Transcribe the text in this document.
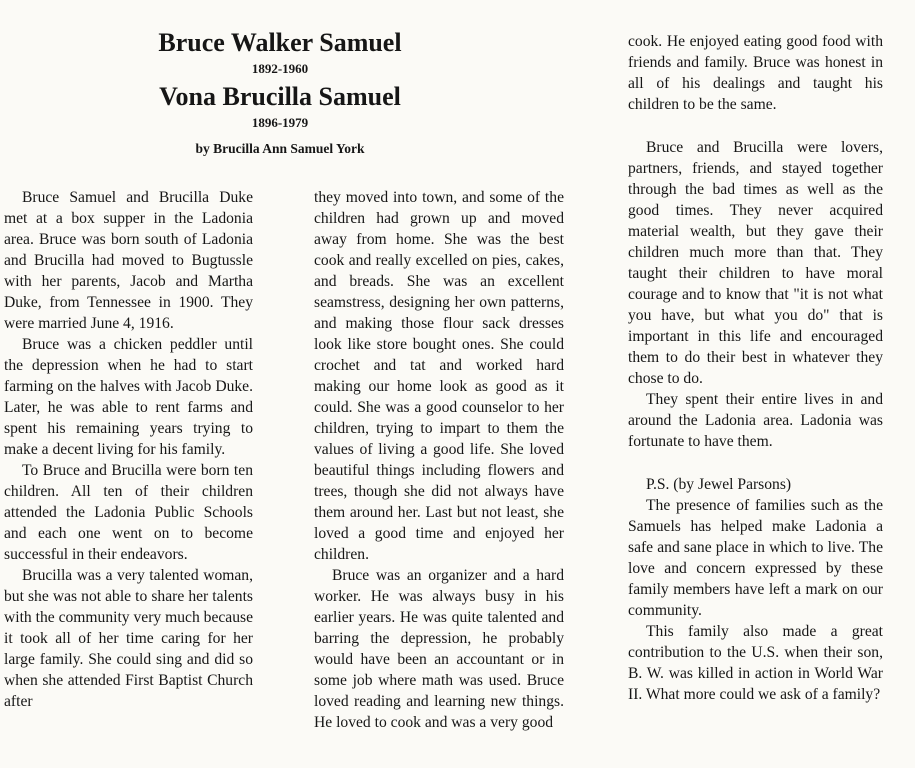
Bruce Walker Samuel
1892-1960
Vona Brucilla Samuel
1896-1979
by Brucilla Ann Samuel York

Bruce Samuel and Brucilla Duke met at a box supper in the Ladonia area. Bruce was born south of Ladonia and Brucilla had moved to Bugtussle with her parents, Jacob and Martha Duke, from Tennessee in 1900. They were married June 4, 1916.

Bruce was a chicken peddler until the depression when he had to start farming on the halves with Jacob Duke. Later, he was able to rent farms and spent his remaining years trying to make a decent living for his family.

To Bruce and Brucilla were born ten children. All ten of their children attended the Ladonia Public Schools and each one went on to become successful in their endeavors.

Brucilla was a very talented woman, but she was not able to share her talents with the community very much because it took all of her time caring for her large family. She could sing and did so when she attended First Baptist Church after

they moved into town, and some of the children had grown up and moved away from home. She was the best cook and really excelled on pies, cakes, and breads. She was an excellent seamstress, designing her own patterns, and making those flour sack dresses look like store bought ones. She could crochet and tat and worked hard making our home look as good as it could. She was a good counselor to her children, trying to impart to them the values of living a good life. She loved beautiful things including flowers and trees, though she did not always have them around her. Last but not least, she loved a good time and enjoyed her children.

Bruce was an organizer and a hard worker. He was always busy in his earlier years. He was quite talented and barring the depression, he probably would have been an accountant or in some job where math was used. Bruce loved reading and learning new things. He loved to cook and was a very good

cook. He enjoyed eating good food with friends and family. Bruce was honest in all of his dealings and taught his children to be the same.

Bruce and Brucilla were lovers, partners, friends, and stayed together through the bad times as well as the good times. They never acquired material wealth, but they gave their children much more than that. They taught their children to have moral courage and to know that "it is not what you have, but what you do" that is important in this life and encouraged them to do their best in whatever they chose to do.

They spent their entire lives in and around the Ladonia area. Ladonia was fortunate to have them.

P.S. (by Jewel Parsons)

The presence of families such as the Samuels has helped make Ladonia a safe and sane place in which to live. The love and concern expressed by these family members have left a mark on our community.

This family also made a great contribution to the U.S. when their son, B. W. was killed in action in World War II. What more could we ask of a family?
